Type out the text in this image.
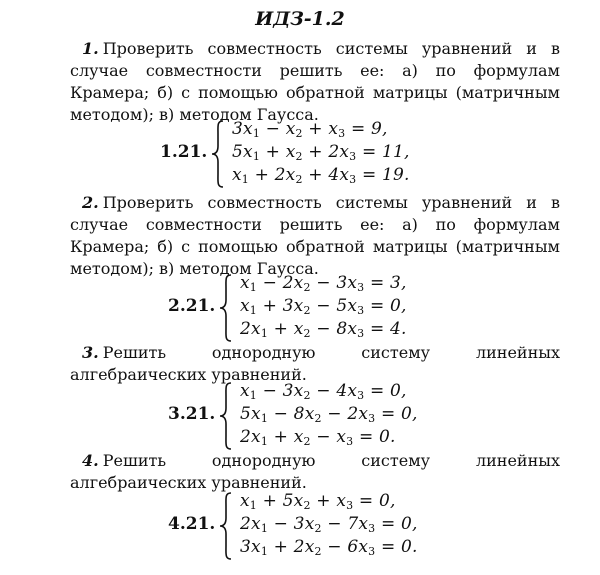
ИДЗ-1.2
1. Проверить совместность системы уравнений и в случае совместности решить ее: а) по формулам Крамера; б) с помощью обратной матрицы (матричным методом); в) методом Гаусса.
1.21.
$3x_1 - x_2 + x_3 = 9$,
$5x_1 + x_2 + 2x_3 = 11$,
$x_1 + 2x_2 + 4x_3 = 19$.
2. Проверить совместность системы уравнений и в случае совместности решить ее: а) по формулам Крамера; б) с помощью обратной матрицы (матричным методом); в) методом Гаусса.
2.21.
$x_1 - 2x_2 - 3x_3 = 3$,
$x_1 + 3x_2 - 5x_3 = 0$,
$2x_1 + x_2 - 8x_3 = 4$.
3. Решить однородную систему линейных алгебраических уравнений.
3.21.
$x_1 - 3x_2 - 4x_3 = 0$,
$5x_1 - 8x_2 - 2x_3 = 0$,
$2x_1 + x_2 - x_3 = 0$.
4. Решить однородную систему линейных алгебраических уравнений.
4.21.
$x_1 + 5x_2 + x_3 = 0$,
$2x_1 - 3x_2 - 7x_3 = 0$,
$3x_1 + 2x_2 - 6x_3 = 0$.
